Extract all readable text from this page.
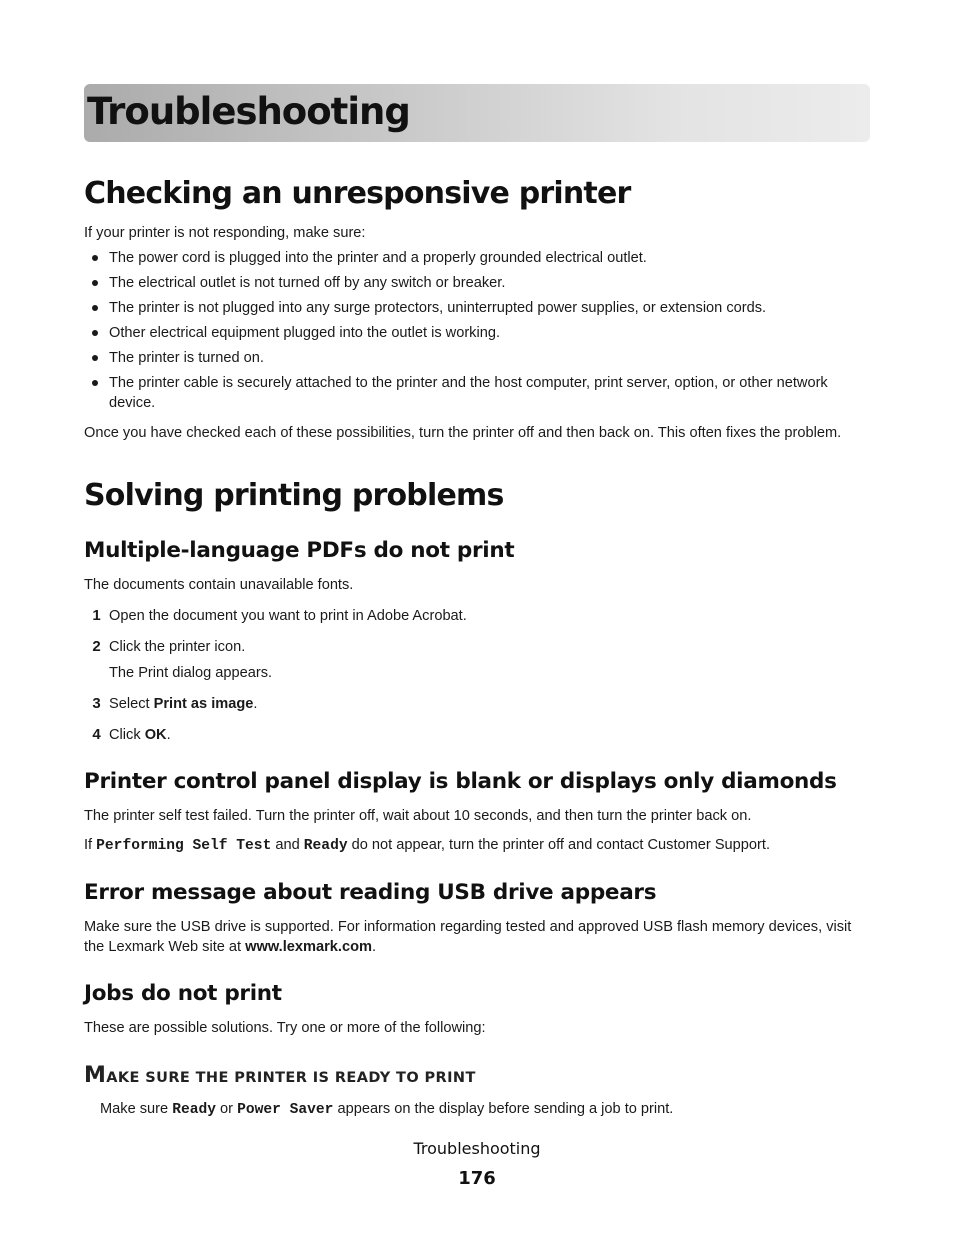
Troubleshooting
Checking an unresponsive printer

If your printer is not responding, make sure:

The power cord is plugged into the printer and a properly grounded electrical outlet.
The electrical outlet is not turned off by any switch or breaker.
The printer is not plugged into any surge protectors, uninterrupted power supplies, or extension cords.
Other electrical equipment plugged into the outlet is working.
The printer is turned on.
The printer cable is securely attached to the printer and the host computer, print server, option, or other network device.

Once you have checked each of these possibilities, turn the printer off and then back on. This often fixes the problem.

Solving printing problems
Multiple-language PDFs do not print

The documents contain unavailable fonts.

1 Open the document you want to print in Adobe Acrobat.

2 Click the printer icon.

The Print dialog appears.

3 Select Print as image.

4 Click OK.

Printer control panel display is blank or displays only diamonds

The printer self test failed. Turn the printer off, wait about 10 seconds, and then turn the printer back on.

If Performing Self Test and Ready do not appear, turn the printer off and contact Customer Support.

Error message about reading USB drive appears

Make sure the USB drive is supported. For information regarding tested and approved USB flash memory devices, visit the Lexmark Web site at www.lexmark.com.

Jobs do not print

These are possible solutions. Try one or more of the following:

MAKE SURE THE PRINTER IS READY TO PRINT

Make sure Ready or Power Saver appears on the display before sending a job to print.

Troubleshooting
176
